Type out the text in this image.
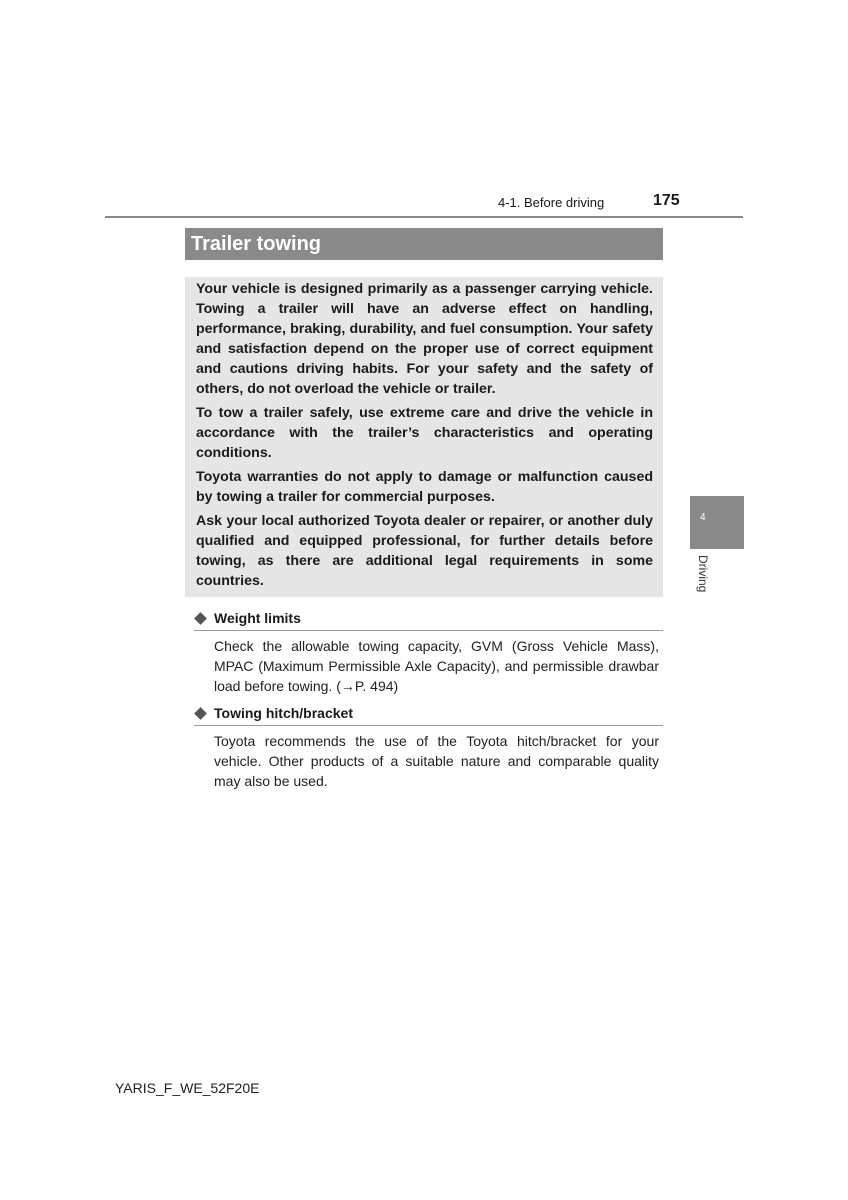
4-1. Before driving	175
Trailer towing

Your vehicle is designed primarily as a passenger carrying vehicle. Towing a trailer will have an adverse effect on handling, performance, braking, durability, and fuel consumption. Your safety and satisfaction depend on the proper use of correct equipment and cautions driving habits. For your safety and the safety of others, do not overload the vehicle or trailer.

To tow a trailer safely, use extreme care and drive the vehicle in accordance with the trailer’s characteristics and operating conditions.

Toyota warranties do not apply to damage or malfunction caused by towing a trailer for commercial purposes.

Ask your local authorized Toyota dealer or repairer, or another duly qualified and equipped professional, for further details before towing, as there are additional legal requirements in some countries.

Weight limits

Check the allowable towing capacity, GVM (Gross Vehicle Mass), MPAC (Maximum Permissible Axle Capacity), and permissible drawbar load before towing. (→P. 494)

Towing hitch/bracket

Toyota recommends the use of the Toyota hitch/bracket for your vehicle. Other products of a suitable nature and comparable quality may also be used.

4
Driving
YARIS_F_WE_52F20E
